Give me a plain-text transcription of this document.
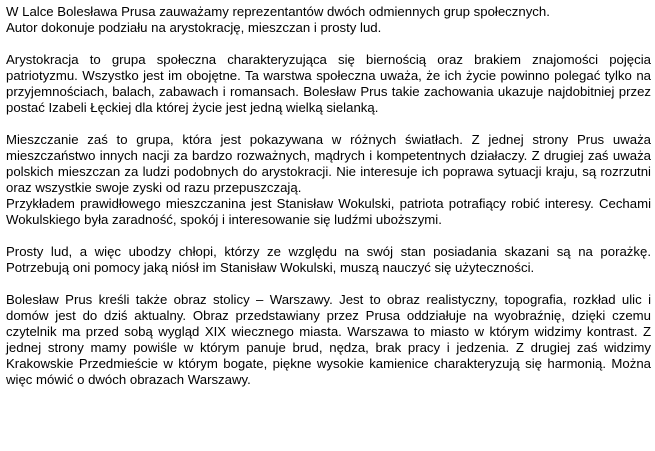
W Lalce Bolesława Prusa zauważamy reprezentantów dwóch odmiennych grup społecznych.
Autor dokonuje podziału na arystokrację, mieszczan i prosty lud.

Arystokracja to grupa społeczna charakteryzująca się biernością oraz brakiem znajomości pojęcia patriotyzmu. Wszystko jest im obojętne. Ta warstwa społeczna uważa, że ich życie powinno polegać tylko na przyjemnościach, balach, zabawach i romansach. Bolesław Prus takie zachowania ukazuje najdobitniej przez postać Izabeli Łęckiej dla której życie jest jedną wielką sielanką.

Mieszczanie zaś to grupa, która jest pokazywana w różnych światłach. Z jednej strony Prus uważa mieszczaństwo innych nacji za bardzo rozważnych, mądrych i kompetentnych działaczy. Z drugiej zaś uważa polskich mieszczan za ludzi podobnych do arystokracji. Nie interesuje ich poprawa sytuacji kraju, są rozrzutni oraz wszystkie swoje zyski od razu przepuszczają.
Przykładem prawidłowego mieszczanina jest Stanisław Wokulski, patriota potrafiący robić interesy. Cechami Wokulskiego była zaradność, spokój i interesowanie się ludźmi uboższymi.

Prosty lud, a więc ubodzy chłopi, którzy ze względu na swój stan posiadania skazani są na porażkę. Potrzebują oni pomocy jaką niósł im Stanisław Wokulski, muszą nauczyć się użyteczności.

Bolesław Prus kreśli także obraz stolicy – Warszawy. Jest to obraz realistyczny, topografia, rozkład ulic i domów jest do dziś aktualny. Obraz przedstawiany przez Prusa oddziałuje na wyobraźnię, dzięki czemu czytelnik ma przed sobą wygląd XIX wiecznego miasta. Warszawa to miasto w którym widzimy kontrast. Z jednej strony mamy powiśle w którym panuje brud, nędza, brak pracy i jedzenia. Z drugiej zaś widzimy Krakowskie Przedmieście w którym bogate, piękne wysokie kamienice charakteryzują się harmonią. Można więc mówić o dwóch obrazach Warszawy.
